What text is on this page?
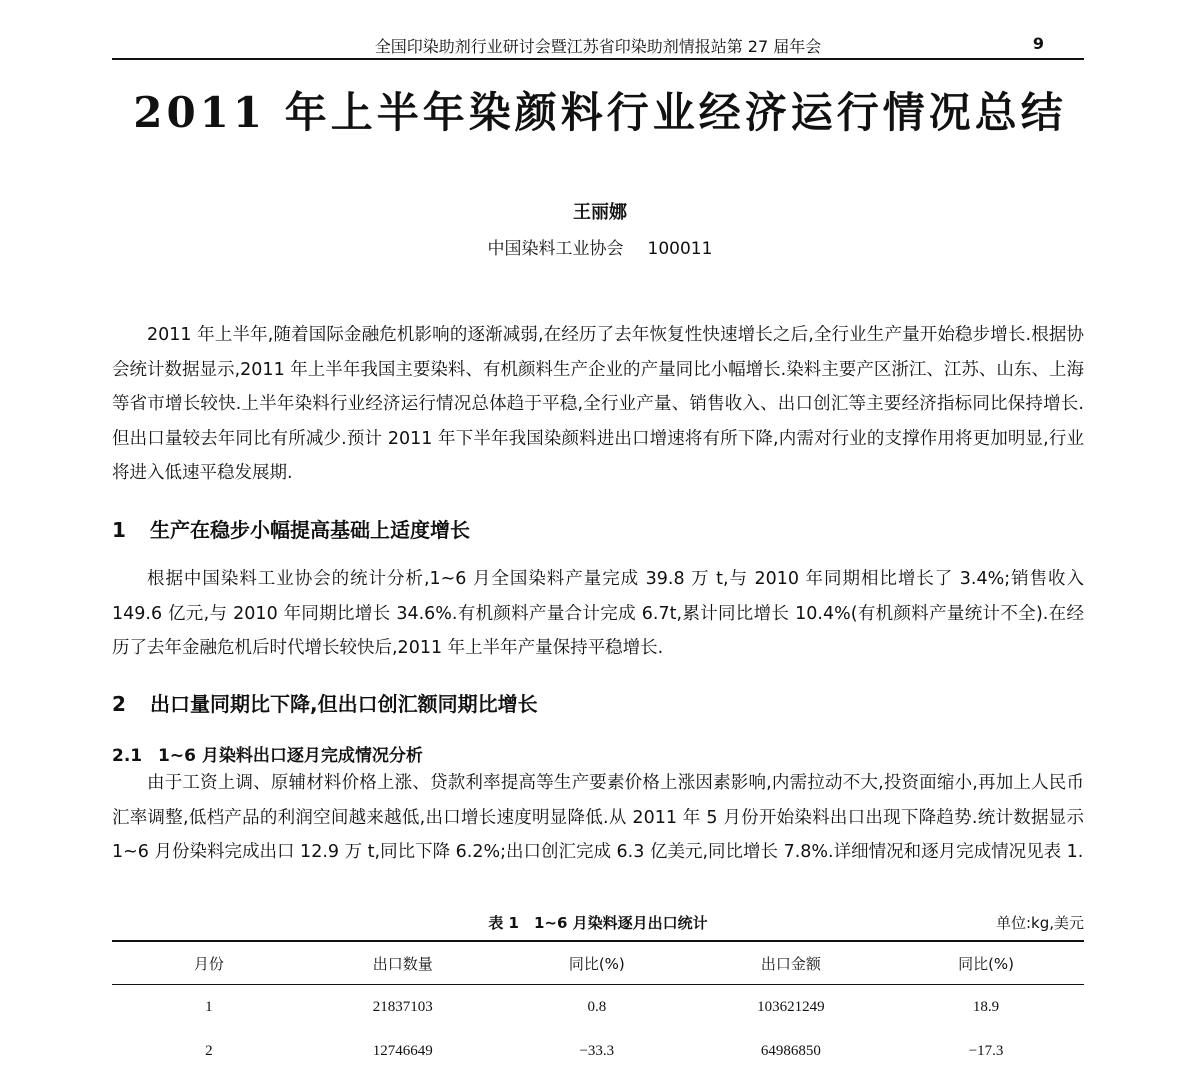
全国印染助剂行业研讨会暨江苏省印染助剂情报站第 27 届年会	9
2011 年上半年染颜料行业经济运行情况总结
王丽娜
中国染料工业协会 100011

2011 年上半年,随着国际金融危机影响的逐渐减弱,在经历了去年恢复性快速增长之后,全行业生产量开始稳步增长.根据协会统计数据显示,2011 年上半年我国主要染料、有机颜料生产企业的产量同比小幅增长.染料主要产区浙江、江苏、山东、上海等省市增长较快.上半年染料行业经济运行情况总体趋于平稳,全行业产量、销售收入、出口创汇等主要经济指标同比保持增长.但出口量较去年同比有所减少.预计 2011 年下半年我国染颜料进出口增速将有所下降,内需对行业的支撑作用将更加明显,行业将进入低速平稳发展期.

1 生产在稳步小幅提高基础上适度增长

根据中国染料工业协会的统计分析,1~6 月全国染料产量完成 39.8 万 t,与 2010 年同期相比增长了 3.4%;销售收入 149.6 亿元,与 2010 年同期比增长 34.6%.有机颜料产量合计完成 6.7t,累计同比增长 10.4%(有机颜料产量统计不全).在经历了去年金融危机后时代增长较快后,2011 年上半年产量保持平稳增长.

2 出口量同期比下降,但出口创汇额同期比增长
2.1 1~6 月染料出口逐月完成情况分析

由于工资上调、原辅材料价格上涨、贷款利率提高等生产要素价格上涨因素影响,内需拉动不大,投资面缩小,再加上人民币汇率调整,低档产品的利润空间越来越低,出口增长速度明显降低.从 2011 年 5 月份开始染料出口出现下降趋势.统计数据显示 1~6 月份染料完成出口 12.9 万 t,同比下降 6.2%;出口创汇完成 6.3 亿美元,同比增长 7.8%.详细情况和逐月完成情况见表 1.

表 1　1~6 月染料逐月出口统计	单位:kg,美元
月份	出口数量	同比(%)	出口金额	同比(%)
1	21837103	0.8	103621249	18.9
2	12746649	−33.3	64986850	−17.3
